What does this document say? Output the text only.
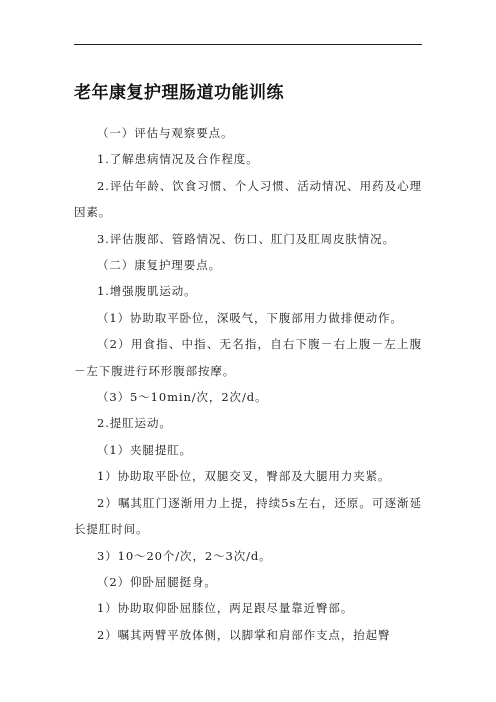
老年康复护理肠道功能训练

（一）评估与观察要点。

1.了解患病情况及合作程度。

2.评估年龄、饮食习惯、个人习惯、活动情况、用药及心理因素。

3.评估腹部、管路情况、伤口、肛门及肛周皮肤情况。

（二）康复护理要点。

1.增强腹肌运动。

（1）协助取平卧位，深吸气，下腹部用力做排便动作。

（2）用食指、中指、无名指，自右下腹－右上腹－左上腹－左下腹进行环形腹部按摩。

（3）5～10min/次，2次/d。

2.提肛运动。

（1）夹腿提肛。

1）协助取平卧位，双腿交叉，臀部及大腿用力夹紧。

2）嘱其肛门逐渐用力上提，持续5s左右，还原。可逐渐延长提肛时间。

3）10～20个/次，2～3次/d。

（2）仰卧屈腿挺身。

1）协助取仰卧屈膝位，两足跟尽量靠近臀部。

2）嘱其两臂平放体侧，以脚掌和肩部作支点，抬起臀
